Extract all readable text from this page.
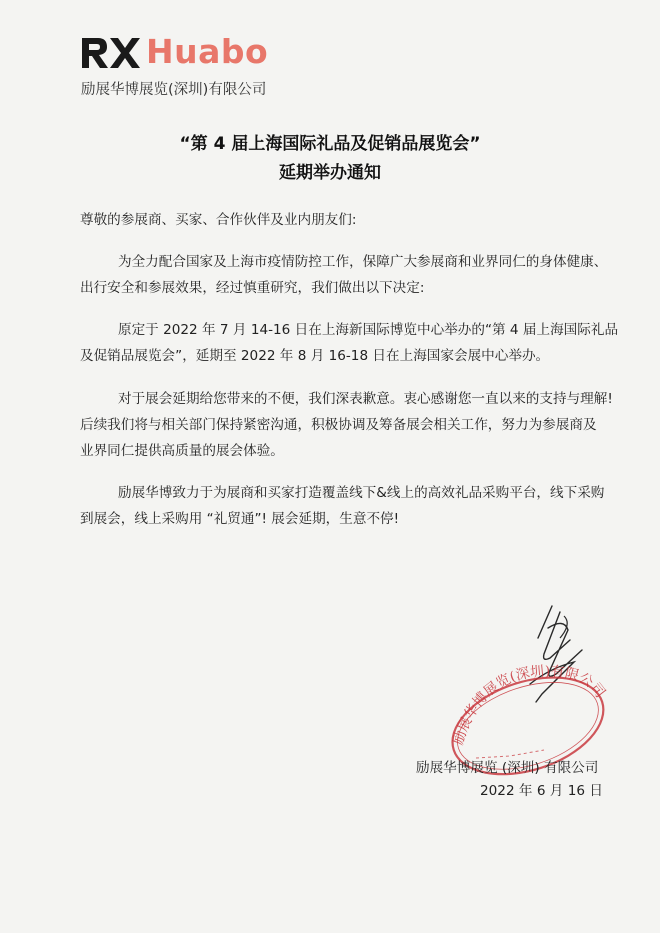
Huabo
励展华博展览(深圳)有限公司
“第 4 届上海国际礼品及促销品展览会”
延期举办通知
尊敬的参展商、买家、合作伙伴及业内朋友们:
为全力配合国家及上海市疫情防控工作，保障广大参展商和业界同仁的身体健康、
出行安全和参展效果，经过慎重研究，我们做出以下决定:
原定于 2022 年 7 月 14-16 日在上海新国际博览中心举办的“第 4 届上海国际礼品
及促销品展览会”，延期至 2022 年 8 月 16-18 日在上海国家会展中心举办。
对于展会延期给您带来的不便，我们深表歉意。衷心感谢您一直以来的支持与理解!
后续我们将与相关部门保持紧密沟通，积极协调及筹备展会相关工作，努力为参展商及
业界同仁提供高质量的展会体验。
励展华博致力于为展商和买家打造覆盖线下&线上的高效礼品采购平台，线下采购
到展会，线上采购用 “礼贸通”! 展会延期，生意不停!
励展华博展览(深圳)有限公司
励展华博展览 (深圳) 有限公司
2022 年 6 月 16 日
